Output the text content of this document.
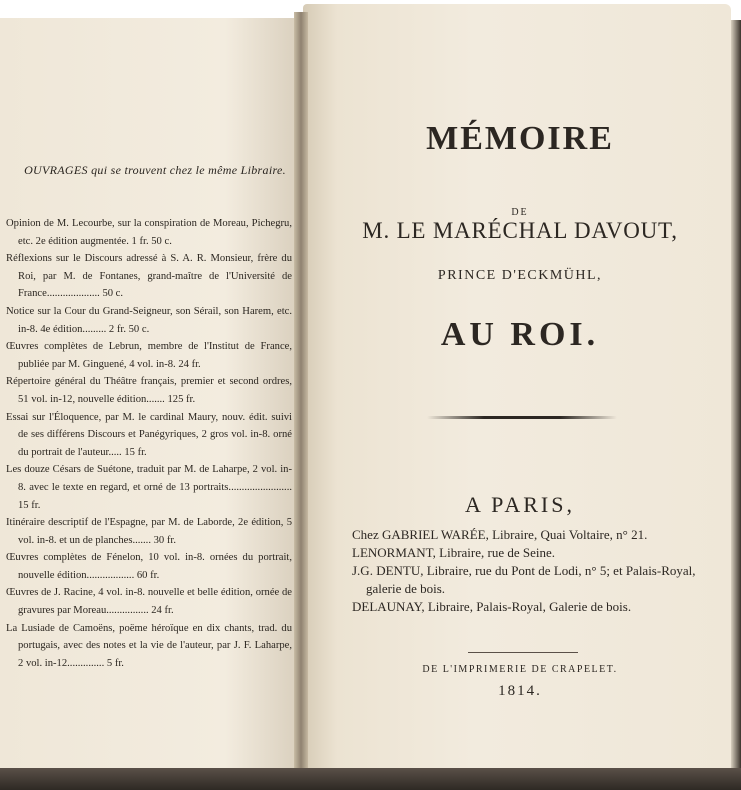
OUVRAGES qui se trouvent chez le même Libraire.
Opinion de M. Lecourbe, sur la conspiration de Moreau, Pichegru, etc. 2e édition augmentée. 1 fr. 50 c.
Réflexions sur le Discours adressé à S. A. R. Monsieur, frère du Roi, par M. de Fontanes, grand-maître de l'Université de France.................... 50 c.
Notice sur la Cour du Grand-Seigneur, son Sérail, son Harem, etc. in-8. 4e édition......... 2 fr. 50 c.
Œuvres complètes de Lebrun, membre de l'Institut de France, publiée par M. Ginguené, 4 vol. in-8. 24 fr.
Répertoire général du Théâtre français, premier et second ordres, 51 vol. in-12, nouvelle édition....... 125 fr.
Essai sur l'Éloquence, par M. le cardinal Maury, nouv. édit. suivi de ses différens Discours et Panégyriques, 2 gros vol. in-8. orné du portrait de l'auteur..... 15 fr.
Les douze Césars de Suétone, traduit par M. de Laharpe, 2 vol. in-8. avec le texte en regard, et orné de 13 portraits........................ 15 fr.
Itinéraire descriptif de l'Espagne, par M. de Laborde, 2e édition, 5 vol. in-8. et un de planches....... 30 fr.
Œuvres complètes de Fénelon, 10 vol. in-8. ornées du portrait, nouvelle édition.................. 60 fr.
Œuvres de J. Racine, 4 vol. in-8. nouvelle et belle édition, ornée de gravures par Moreau................ 24 fr.
La Lusiade de Camoëns, poëme héroïque en dix chants, trad. du portugais, avec des notes et la vie de l'auteur, par J. F. Laharpe, 2 vol. in-12.............. 5 fr.
MÉMOIRE
DE
M. LE MARÉCHAL DAVOUT,
PRINCE D'ECKMÜHL,
AU ROI.
A PARIS,
Chez GABRIEL WARÉE, Libraire, Quai Voltaire, n° 21.
LENORMANT, Libraire, rue de Seine.
J.G. DENTU, Libraire, rue du Pont de Lodi, n° 5; et Palais-Royal, galerie de bois.
DELAUNAY, Libraire, Palais-Royal, Galerie de bois.
DE L'IMPRIMERIE DE CRAPELET.
1814.
